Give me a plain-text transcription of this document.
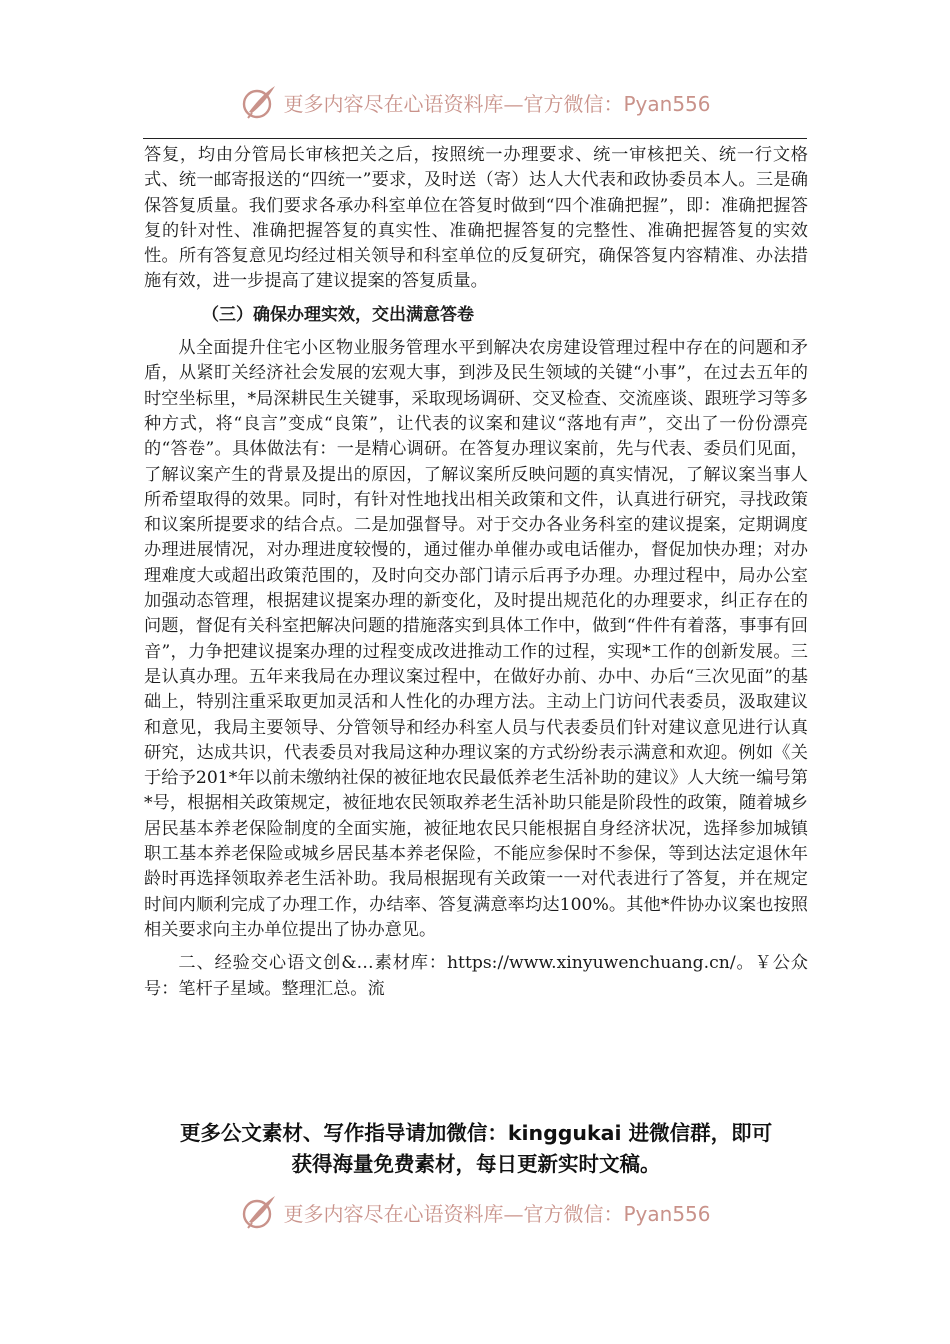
更多内容尽在心语资料库—官方微信：Pyan556

答复，均由分管局长审核把关之后，按照统一办理要求、统一审核把关、统一行文格式、统一邮寄报送的“四统一”要求，及时送（寄）达人大代表和政协委员本人。三是确保答复质量。我们要求各承办科室单位在答复时做到“四个准确把握”，即：准确把握答复的针对性、准确把握答复的真实性、准确把握答复的完整性、准确把握答复的实效性。所有答复意见均经过相关领导和科室单位的反复研究，确保答复内容精准、办法措施有效，进一步提高了建议提案的答复质量。

（三）确保办理实效，交出满意答卷

从全面提升住宅小区物业服务管理水平到解决农房建设管理过程中存在的问题和矛盾，从紧盯关经济社会发展的宏观大事，到涉及民生领域的关键“小事”，在过去五年的时空坐标里，*局深耕民生关键事，采取现场调研、交叉检查、交流座谈、跟班学习等多种方式，将“良言”变成“良策”，让代表的议案和建议“落地有声”，交出了一份份漂亮的“答卷”。具体做法有：一是精心调研。在答复办理议案前，先与代表、委员们见面，了解议案产生的背景及提出的原因，了解议案所反映问题的真实情况，了解议案当事人所希望取得的效果。同时，有针对性地找出相关政策和文件，认真进行研究，寻找政策和议案所提要求的结合点。二是加强督导。对于交办各业务科室的建议提案，定期调度办理进展情况，对办理进度较慢的，通过催办单催办或电话催办，督促加快办理；对办理难度大或超出政策范围的，及时向交办部门请示后再予办理。办理过程中，局办公室加强动态管理，根据建议提案办理的新变化，及时提出规范化的办理要求，纠正存在的问题，督促有关科室把解决问题的措施落实到具体工作中，做到“件件有着落，事事有回音”，力争把建议提案办理的过程变成改进推动工作的过程，实现*工作的创新发展。三是认真办理。五年来我局在办理议案过程中，在做好办前、办中、办后“三次见面”的基础上，特别注重采取更加灵活和人性化的办理方法。主动上门访问代表委员，汲取建议和意见，我局主要领导、分管领导和经办科室人员与代表委员们针对建议意见进行认真研究，达成共识，代表委员对我局这种办理议案的方式纷纷表示满意和欢迎。例如《关于给予201*年以前未缴纳社保的被征地农民最低养老生活补助的建议》人大统一编号第*号，根据相关政策规定，被征地农民领取养老生活补助只能是阶段性的政策，随着城乡居民基本养老保险制度的全面实施，被征地农民只能根据自身经济状况，选择参加城镇职工基本养老保险或城乡居民基本养老保险，不能应参保时不参保，等到达法定退休年龄时再选择领取养老生活补助。我局根据现有关政策一一对代表进行了答复，并在规定时间内顺利完成了办理工作，办结率、答复满意率均达100%。其他*件协办议案也按照相关要求向主办单位提出了协办意见。

二、经验交心语文创&…素材库：https://www.xinyuwenchuang.cn/。￥公众号：笔杆子星域。整理汇总。流

更多公文素材、写作指导请加微信：kinggukai 进微信群，即可
获得海量免费素材，每日更新实时文稿。
更多内容尽在心语资料库—官方微信：Pyan556
